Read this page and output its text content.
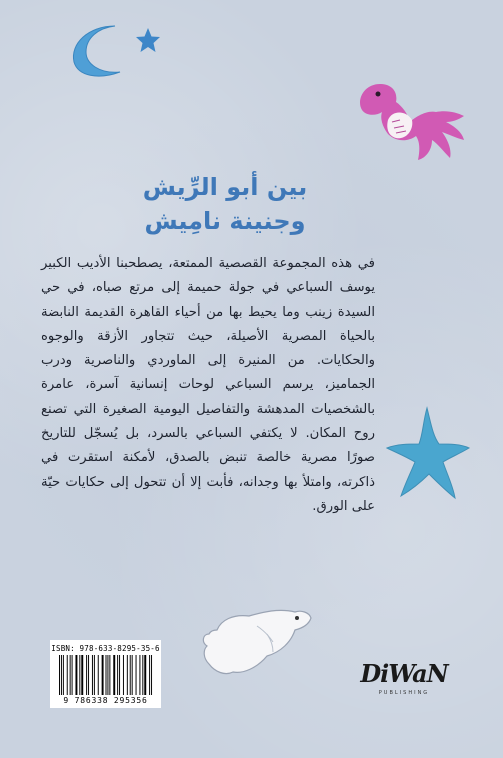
بين أبو الرِّيش
وجنينة نامِيش

في هذه المجموعة القصصية الممتعة، يصطحبنا الأديب الكبير يوسف السباعي في جولة حميمة إلى مرتع صباه، في حي السيدة زينب وما يحيط بها من أحياء القاهرة القديمة النابضة بالحياة المصرية الأصيلة، حيث تتجاور الأزقة والوجوه والحكايات. من المنيرة إلى الماوردي والناصرية ودرب الجماميز، يرسم السباعي لوحات إنسانية آسرة، عامرة بالشخصيات المدهشة والتفاصيل اليومية الصغيرة التي تصنع روح المكان. لا يكتفي السباعي بالسرد، بل يُسجّل للتاريخ صورًا مصرية خالصة تنبض بالصدق، لأمكنة استقرت في ذاكرته، وامتلأ بها وجدانه، فأبت إلا أن تتحول إلى حكايات حيّة على الورق.

ISBN: 978-633-8295-35-6
9 786338 295356
DiWaN
PUBLISHING
